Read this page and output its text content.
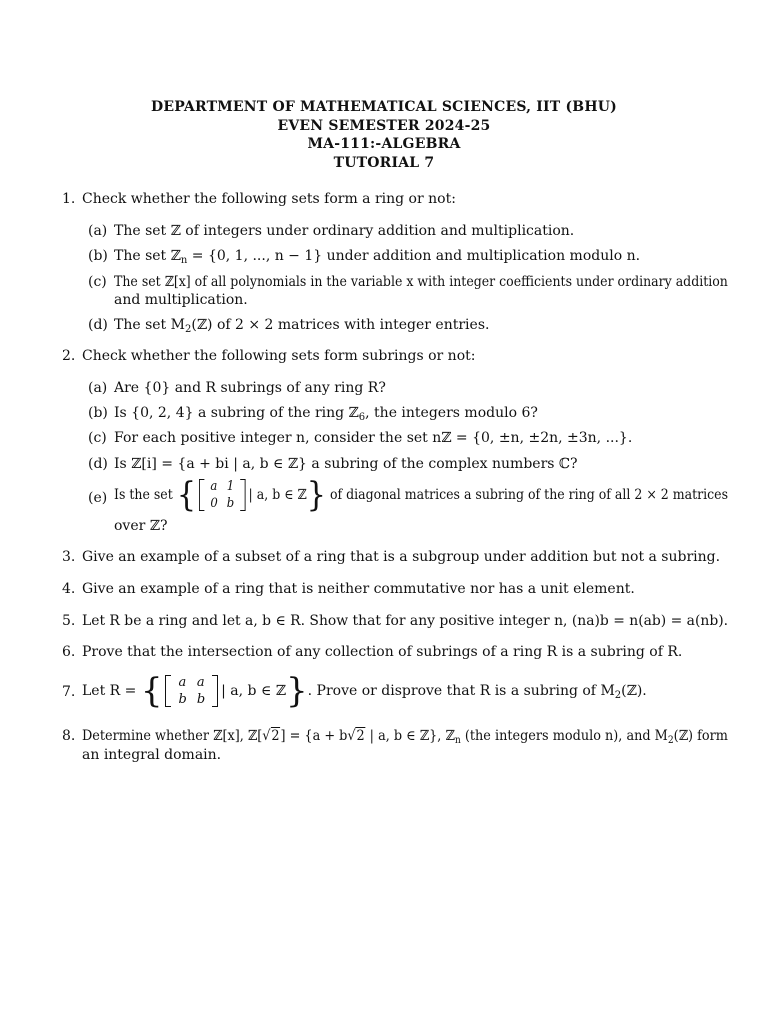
DEPARTMENT OF MATHEMATICAL SCIENCES, IIT (BHU)
EVEN SEMESTER 2024-25
MA-111:-ALGEBRA
TUTORIAL 7
1. Check whether the following sets form a ring or not:
(a) The set ℤ of integers under ordinary addition and multiplication.
(b) The set ℤ$_n$ = {0, 1, ..., n − 1} under addition and multiplication modulo n.
(c) The set ℤ[x] of all polynomials in the variable x with integer coefficients under ordinary addition
and multiplication.
(d) The set $M_2(ℤ)$ of 2 × 2 matrices with integer entries.
2. Check whether the following sets form subrings or not:
(a) Are {0} and R subrings of any ring R?
(b) Is {0, 2, 4} a subring of the ring ℤ$_6$, the integers modulo 6?
(c) For each positive integer n, consider the set nℤ = {0, ±n, ±2n, ±3n, ...}.
(d) Is ℤ[i] = {a + bi | a, b ∈ ℤ} a subring of the complex numbers ℂ?
(e) Is the set { a	1
0	b
| a, b ∈ ℤ} of diagonal matrices a subring of the ring of all 2 × 2 matrices
over ℤ?
3. Give an example of a subset of a ring that is a subgroup under addition but not a subring.
4. Give an example of a ring that is neither commutative nor has a unit element.
5. Let R be a ring and let a, b ∈ R. Show that for any positive integer n, (na)b = n(ab) = a(nb).
6. Prove that the intersection of any collection of subrings of a ring R is a subring of R.
7. Let R = { a	a
b	b
| a, b ∈ ℤ}. Prove or disprove that R is a subring of $M_2(ℤ)$.
8. Determine whether ℤ[x], ℤ[√2] = {a + b√2 | a, b ∈ ℤ}, ℤ$_n$ (the integers modulo n), and $M_2(ℤ)$ form
an integral domain.
